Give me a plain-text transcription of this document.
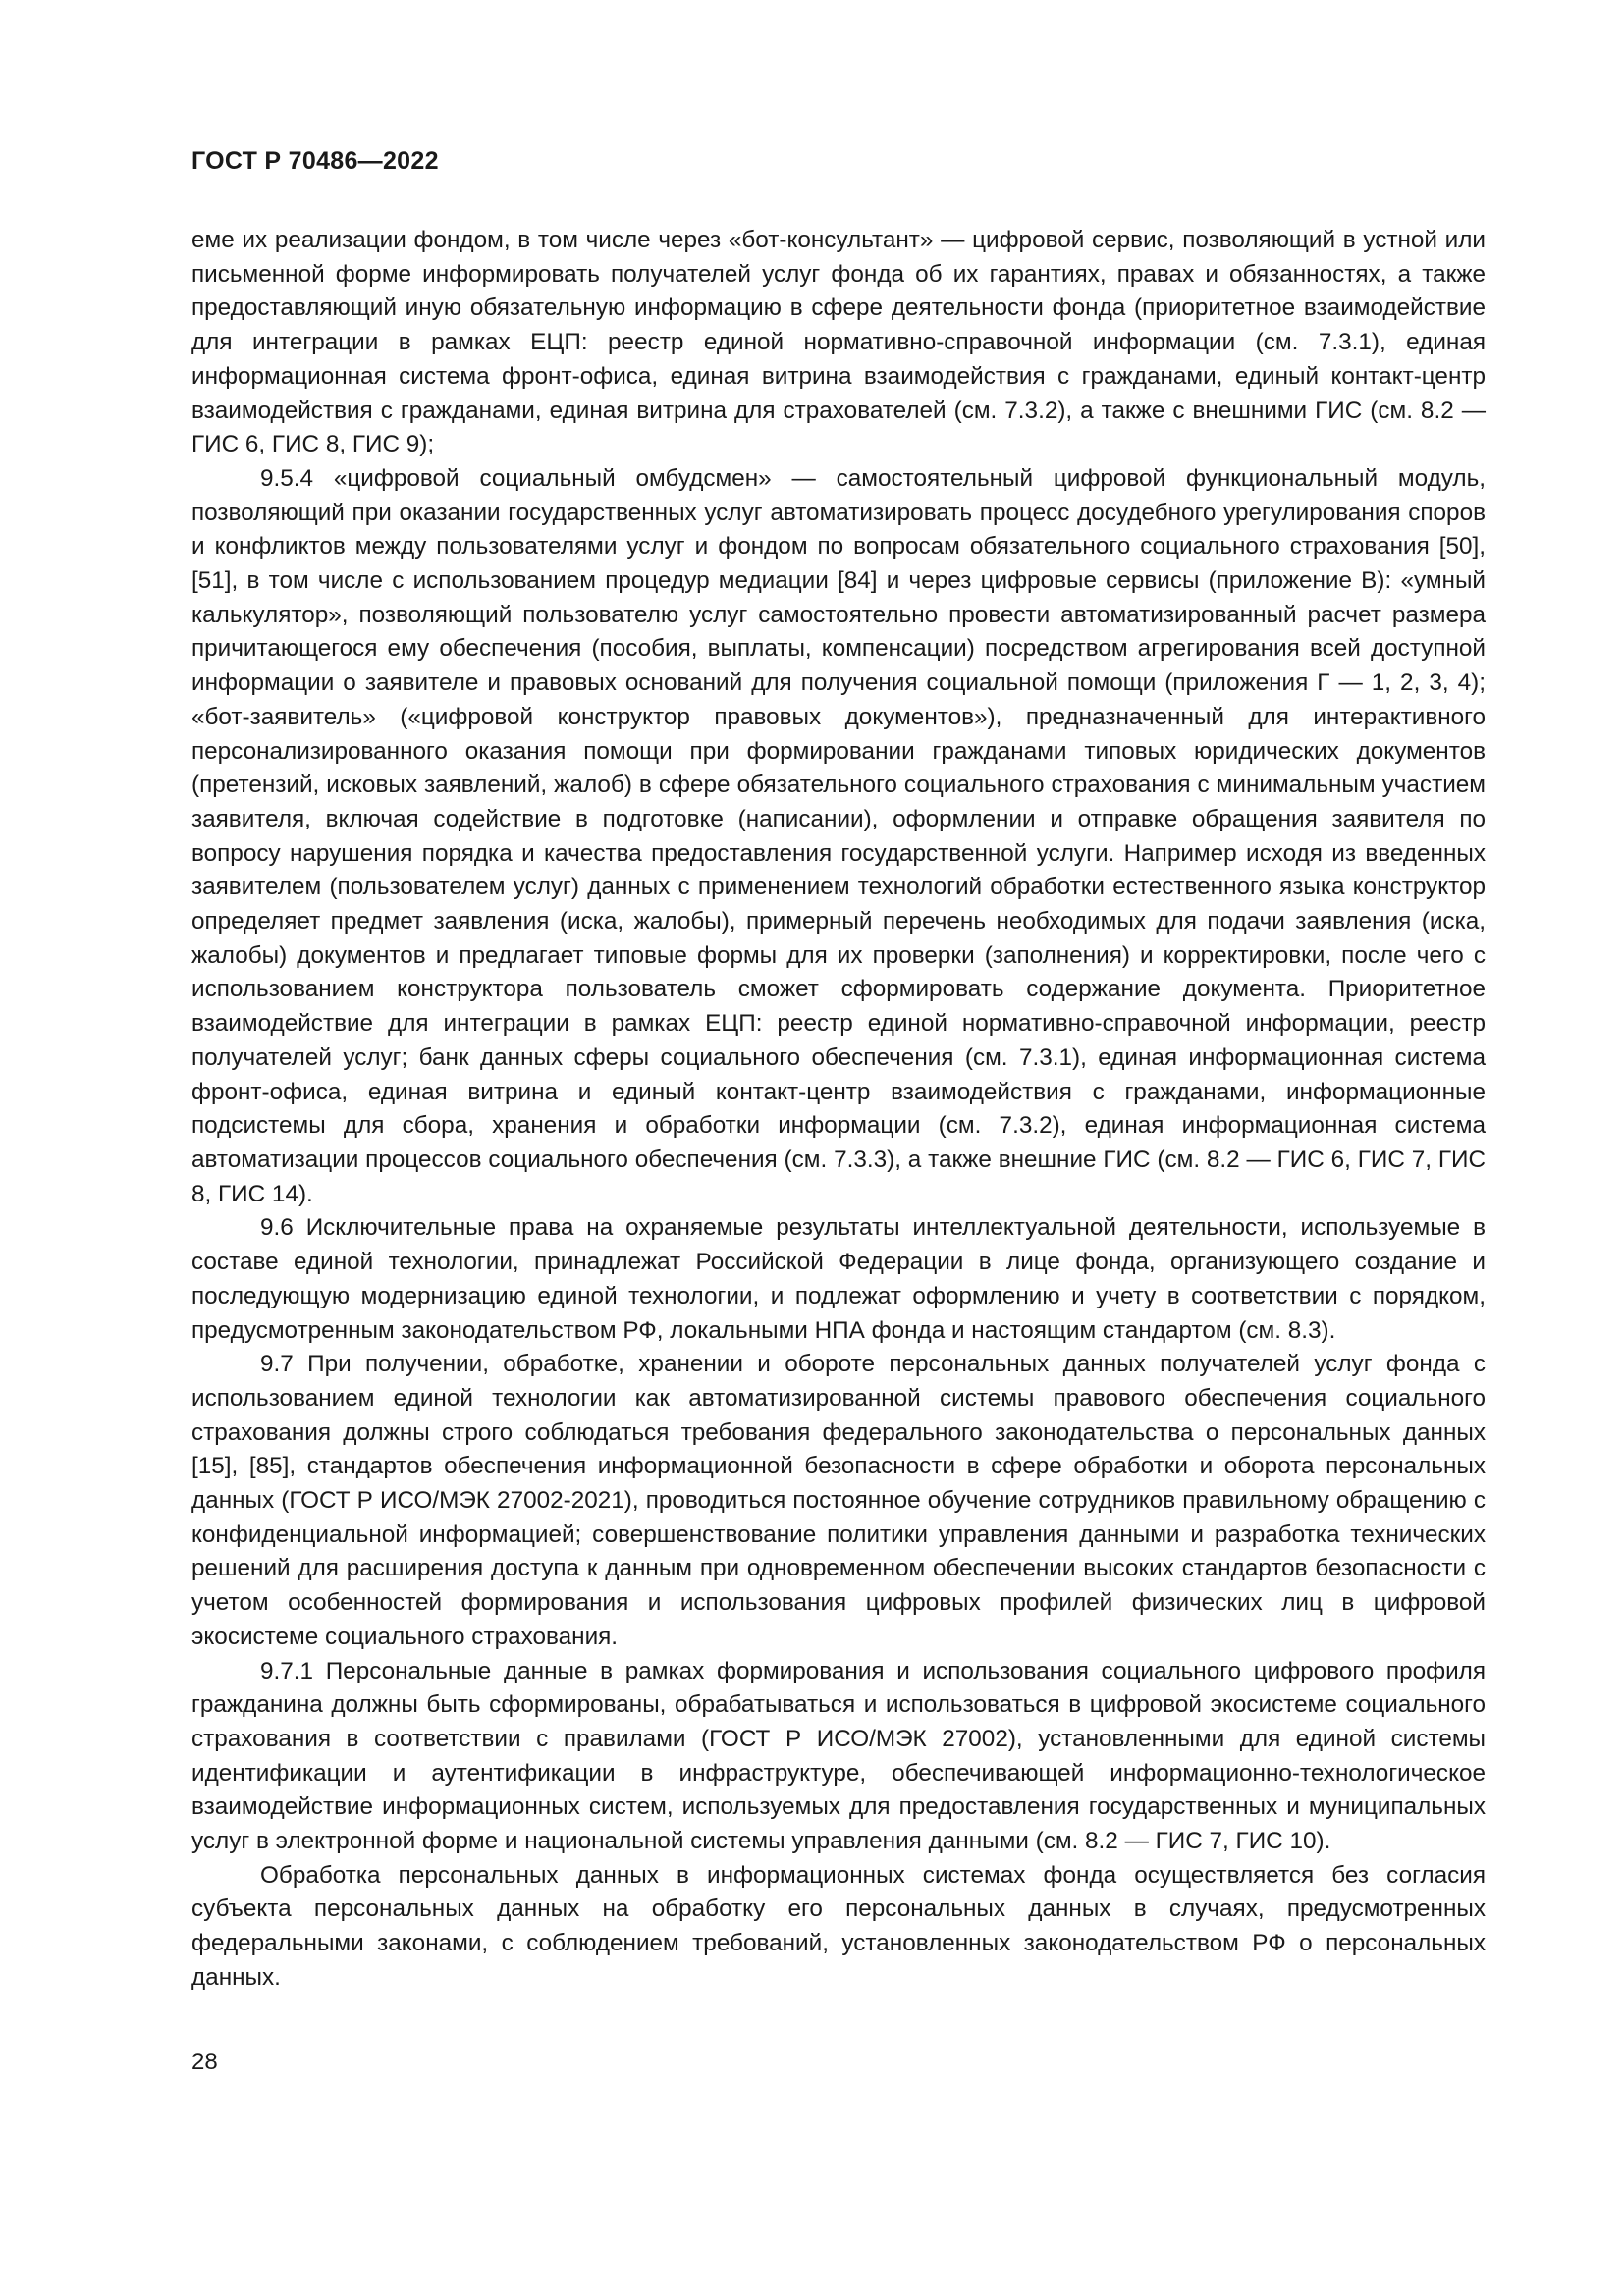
ГОСТ Р 70486—2022

еме их реализации фондом, в том числе через «бот-консультант» — цифровой сервис, позволяющий в устной или письменной форме информировать получателей услуг фонда об их гарантиях, правах и обязанностях, а также предоставляющий иную обязательную информацию в сфере деятельности фонда (приоритетное взаимодействие для интеграции в рамках ЕЦП: реестр единой нормативно-справочной информации (см. 7.3.1), единая информационная система фронт-офиса, единая витрина взаимодействия с гражданами, единый контакт-центр взаимодействия с гражданами, единая витрина для страхователей (см. 7.3.2), а также с внешними ГИС (см. 8.2 — ГИС 6, ГИС 8, ГИС 9);

9.5.4 «цифровой социальный омбудсмен» — самостоятельный цифровой функциональный модуль, позволяющий при оказании государственных услуг автоматизировать процесс досудебного урегулирования споров и конфликтов между пользователями услуг и фондом по вопросам обязательного социального страхования [50], [51], в том числе с использованием процедур медиации [84] и через цифровые сервисы (приложение В): «умный калькулятор», позволяющий пользователю услуг самостоятельно провести автоматизированный расчет размера причитающегося ему обеспечения (пособия, выплаты, компенсации) посредством агрегирования всей доступной информации о заявителе и правовых оснований для получения социальной помощи (приложения Г — 1, 2, 3, 4); «бот-заявитель» («цифровой конструктор правовых документов»), предназначенный для интерактивного персонализированного оказания помощи при формировании гражданами типовых юридических документов (претензий, исковых заявлений, жалоб) в сфере обязательного социального страхования с минимальным участием заявителя, включая содействие в подготовке (написании), оформлении и отправке обращения заявителя по вопросу нарушения порядка и качества предоставления государственной услуги. Например исходя из введенных заявителем (пользователем услуг) данных с применением технологий обработки естественного языка конструктор определяет предмет заявления (иска, жалобы), примерный перечень необходимых для подачи заявления (иска, жалобы) документов и предлагает типовые формы для их проверки (заполнения) и корректировки, после чего с использованием конструктора пользователь сможет сформировать содержание документа. Приоритетное взаимодействие для интеграции в рамках ЕЦП: реестр единой нормативно-справочной информации, реестр получателей услуг; банк данных сферы социального обеспечения (см. 7.3.1), единая информационная система фронт-офиса, единая витрина и единый контакт-центр взаимодействия с гражданами, информационные подсистемы для сбора, хранения и обработки информации (см. 7.3.2), единая информационная система автоматизации процессов социального обеспечения (см. 7.3.3), а также внешние ГИС (см. 8.2 — ГИС 6, ГИС 7, ГИС 8, ГИС 14).

9.6 Исключительные права на охраняемые результаты интеллектуальной деятельности, используемые в составе единой технологии, принадлежат Российской Федерации в лице фонда, организующего создание и последующую модернизацию единой технологии, и подлежат оформлению и учету в соответствии с порядком, предусмотренным законодательством РФ, локальными НПА фонда и настоящим стандартом (см. 8.3).

9.7 При получении, обработке, хранении и обороте персональных данных получателей услуг фонда с использованием единой технологии как автоматизированной системы правового обеспечения социального страхования должны строго соблюдаться требования федерального законодательства о персональных данных [15], [85], стандартов обеспечения информационной безопасности в сфере обработки и оборота персональных данных (ГОСТ Р ИСО/МЭК 27002-2021), проводиться постоянное обучение сотрудников правильному обращению с конфиденциальной информацией; совершенствование политики управления данными и разработка технических решений для расширения доступа к данным при одновременном обеспечении высоких стандартов безопасности с учетом особенностей формирования и использования цифровых профилей физических лиц в цифровой экосистеме социального страхования.

9.7.1 Персональные данные в рамках формирования и использования социального цифрового профиля гражданина должны быть сформированы, обрабатываться и использоваться в цифровой экосистеме социального страхования в соответствии с правилами (ГОСТ Р ИСО/МЭК 27002), установленными для единой системы идентификации и аутентификации в инфраструктуре, обеспечивающей информационно-технологическое взаимодействие информационных систем, используемых для предоставления государственных и муниципальных услуг в электронной форме и национальной системы управления данными (см. 8.2 — ГИС 7, ГИС 10).

Обработка персональных данных в информационных системах фонда осуществляется без согласия субъекта персональных данных на обработку его персональных данных в случаях, предусмотренных федеральными законами, с соблюдением требований, установленных законодательством РФ о персональных данных.

28
